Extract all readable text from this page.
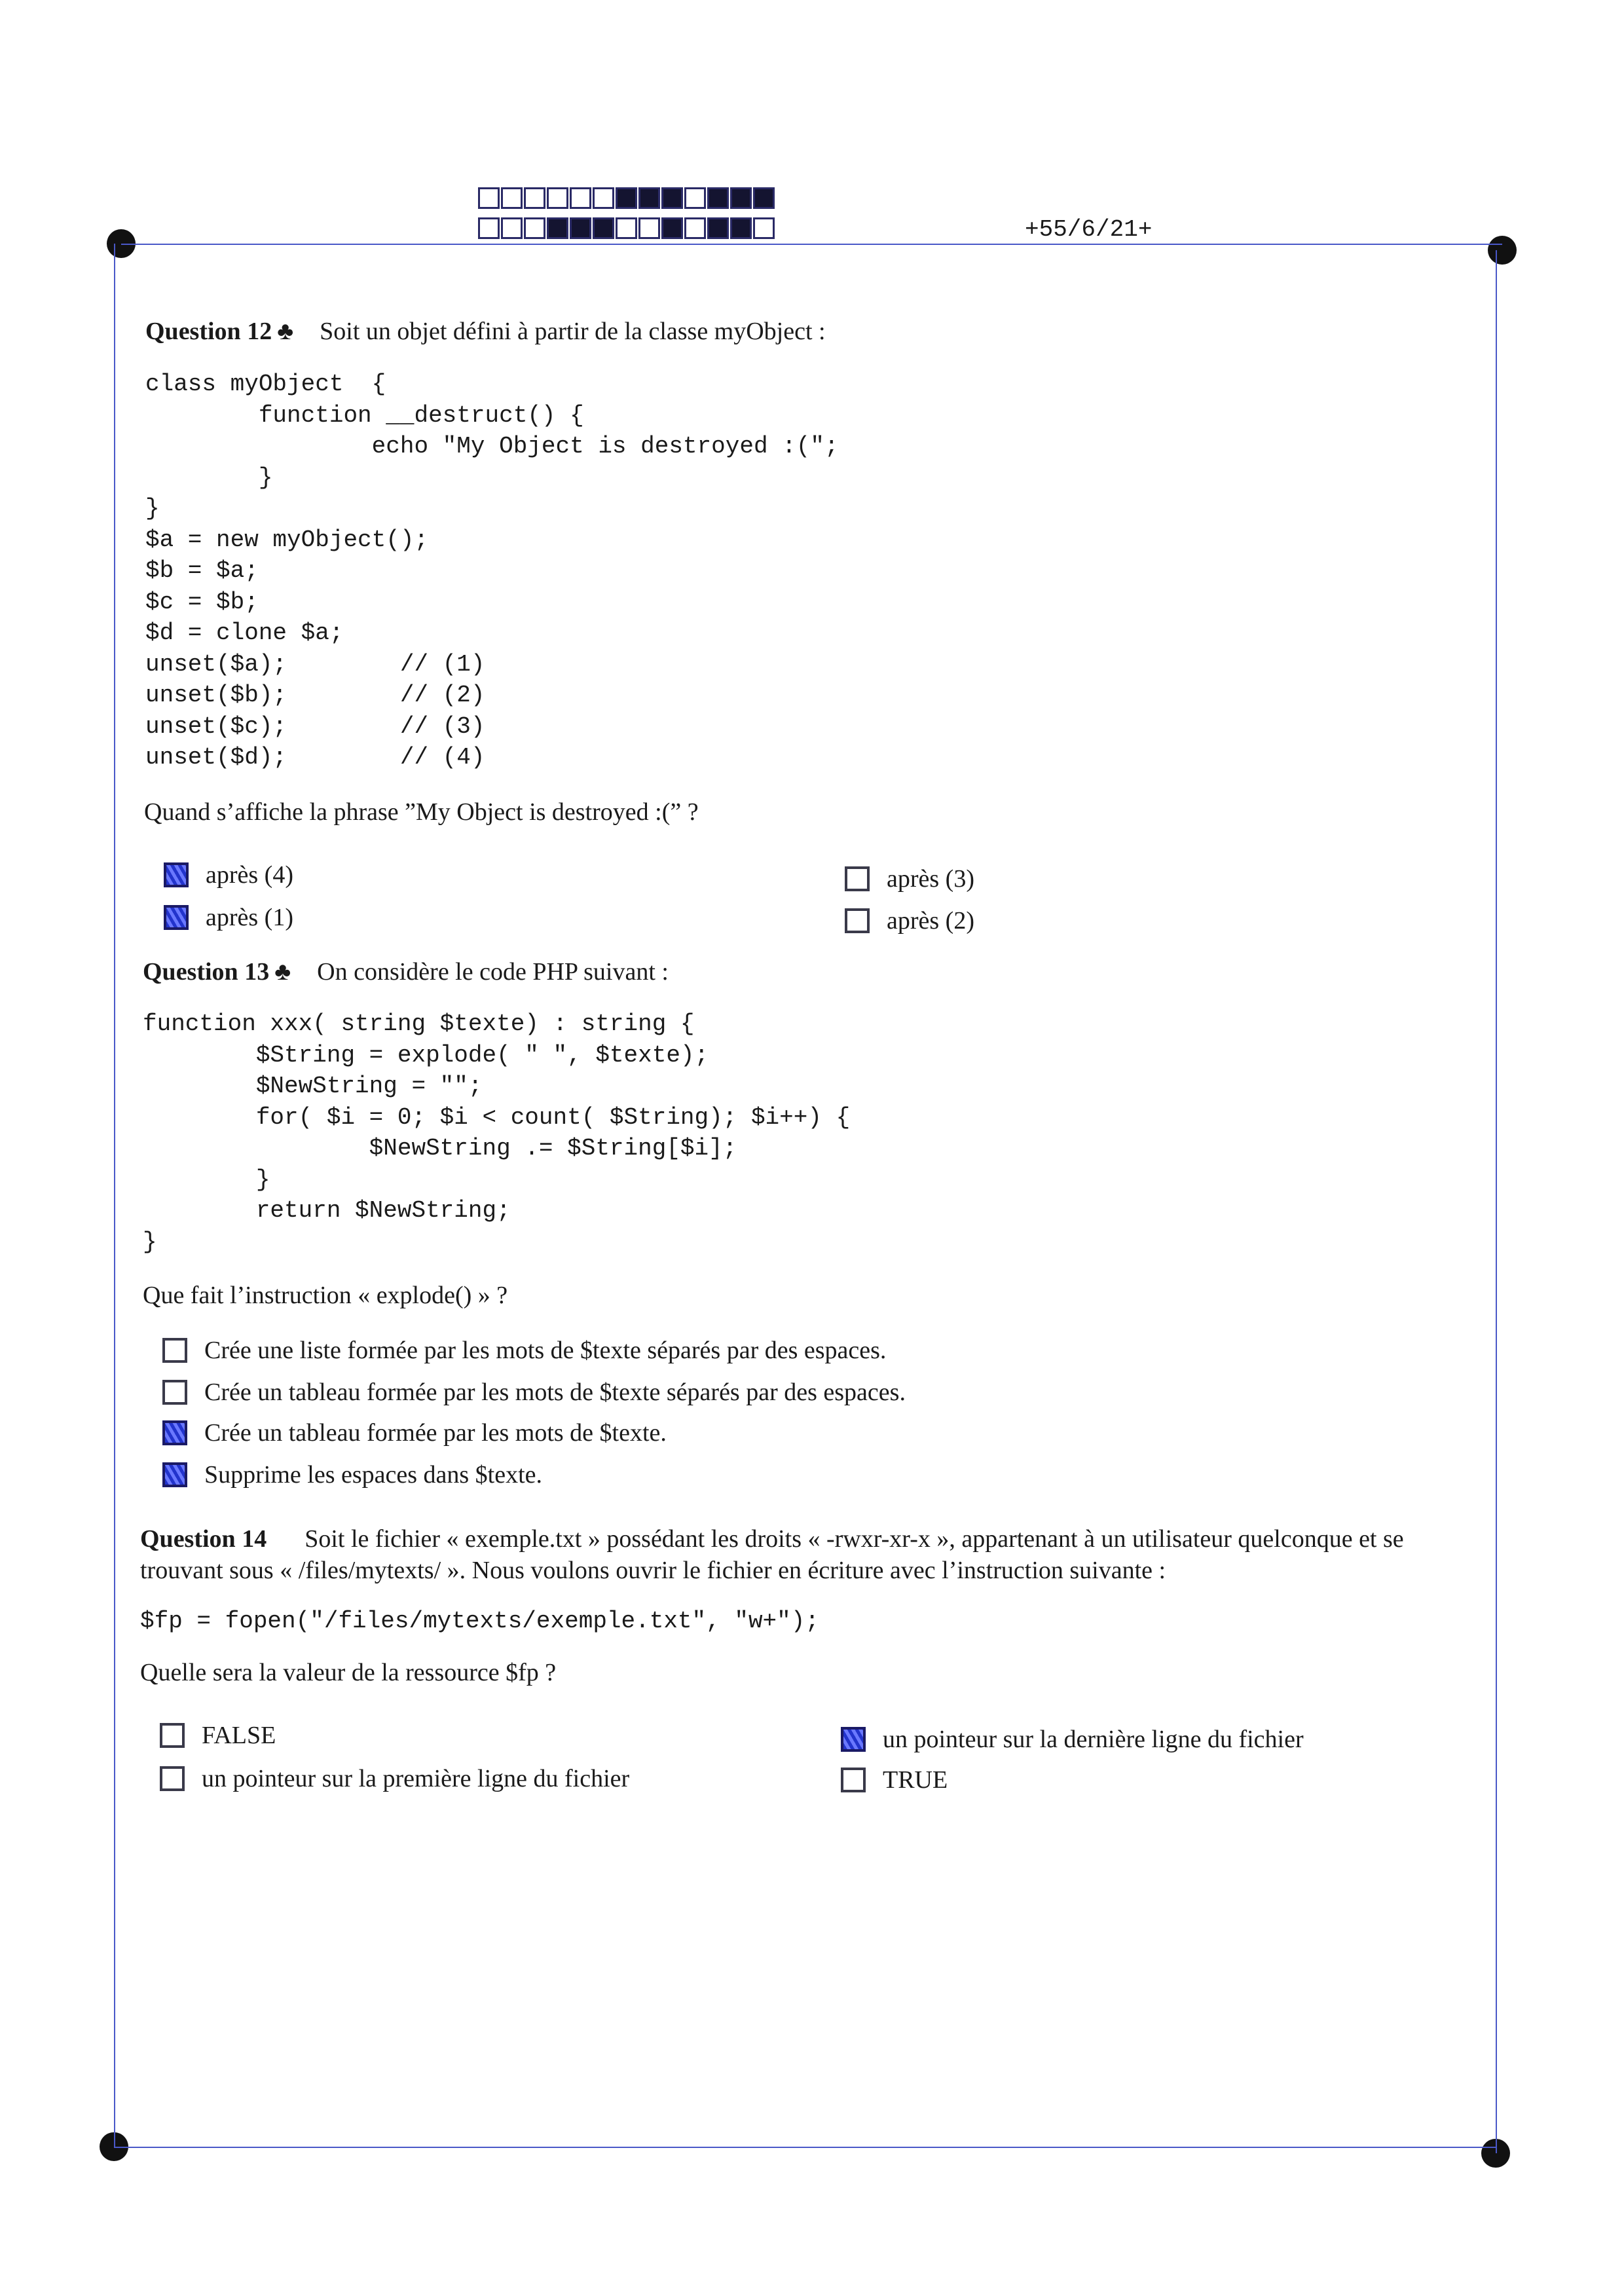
+55/6/21+
Question 12 ♣ Soit un objet défini à partir de la classe myObject :
class myObject  {
function __destruct() {
echo "My Object is destroyed :(";
}
}
$a = new myObject();
$b = $a;
$c = $b;
$d = clone $a;
unset($a);        // (1)
unset($b);        // (2)
unset($c);        // (3)
unset($d);        // (4)
Quand s’affiche la phrase ”My Object is destroyed :(” ?
après (4)
après (1)
après (3)
après (2)
Question 13 ♣ On considère le code PHP suivant :
function xxx( string $texte) : string {
$String = explode( " ", $texte);
$NewString = "";
for( $i = 0; $i < count( $String); $i++) {
$NewString .= $String[$i];
}
return $NewString;
}
Que fait l’instruction « explode() » ?
Crée une liste formée par les mots de $texte séparés par des espaces.
Crée un tableau formée par les mots de $texte séparés par des espaces.
Crée un tableau formée par les mots de $texte.
Supprime les espaces dans $texte.
Question 14 Soit le fichier « exemple.txt » possédant les droits « -rwxr-xr-x », appartenant à un utilisateur quelconque et se trouvant sous « /files/mytexts/ ». Nous voulons ouvrir le fichier en écriture avec l’instruction suivante :
$fp = fopen("/files/mytexts/exemple.txt", "w+");
Quelle sera la valeur de la ressource $fp ?
FALSE
un pointeur sur la première ligne du fichier
un pointeur sur la dernière ligne du fichier
TRUE
